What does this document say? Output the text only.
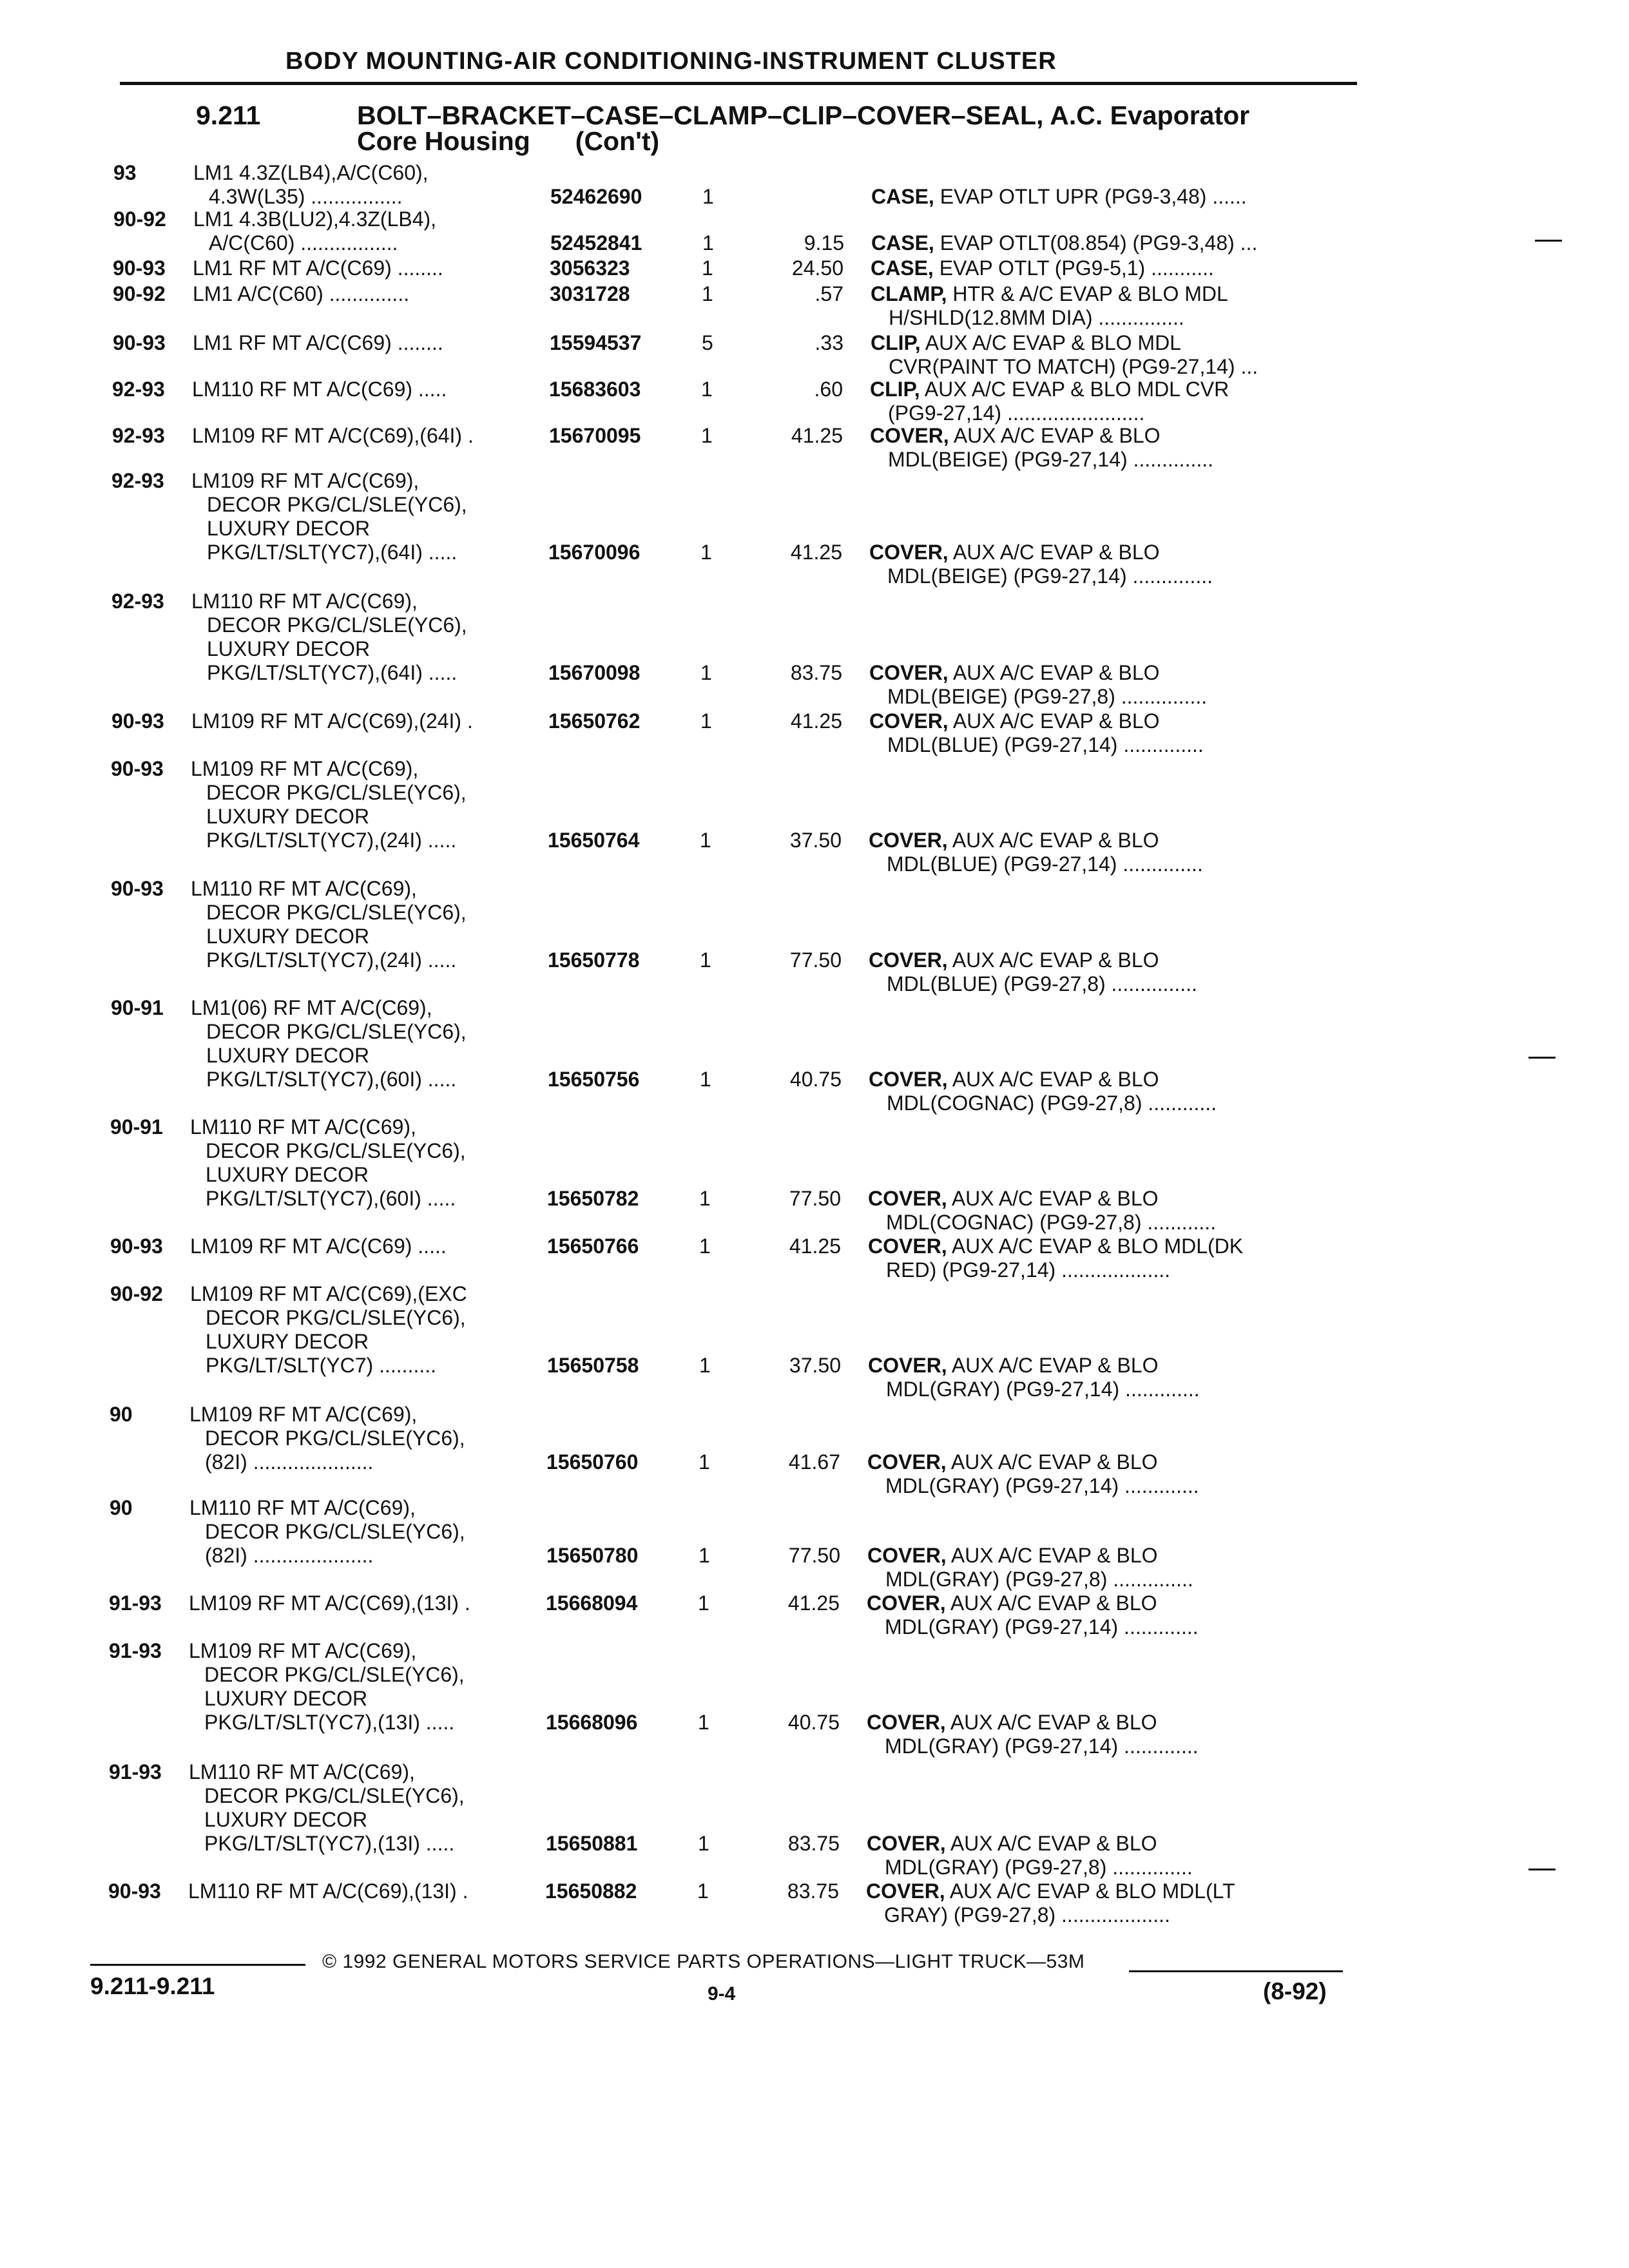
BODY MOUNTING-AIR CONDITIONING-INSTRUMENT CLUSTER
9.211	BOLT–BRACKET–CASE–CLAMP–CLIP–COVER–SEAL, A.C. Evaporator
Core Housing (Con't)
93	LM1 4.3Z(LB4),A/C(C60),
4.3W(L35) ................	52462690	1	CASE, EVAP OTLT UPR (PG9-3,48) ......
90-92 LM1 4.3B(LU2),4.3Z(LB4),
A/C(C60) .................	52452841	1	9.15 CASE, EVAP OTLT(08.854) (PG9-3,48) ...
90-93 LM1 RF MT A/C(C69) ........	3056323	1	24.50 CASE, EVAP OTLT (PG9-5,1) ...........
90-92 LM1 A/C(C60) ..............	3031728	1	.57 CLAMP, HTR & A/C EVAP & BLO MDL
H/SHLD(12.8MM DIA) ...............
90-93 LM1 RF MT A/C(C69) ........	15594537	5	.33 CLIP, AUX A/C EVAP & BLO MDL
CVR(PAINT TO MATCH) (PG9-27,14) ...
92-93 LM110 RF MT A/C(C69) .....	15683603	1	.60 CLIP, AUX A/C EVAP & BLO MDL CVR
(PG9-27,14) ........................
92-93 LM109 RF MT A/C(C69),(64I) .	15670095	1	41.25 COVER, AUX A/C EVAP & BLO
MDL(BEIGE) (PG9-27,14) ..............
92-93 LM109 RF MT A/C(C69),
DECOR PKG/CL/SLE(YC6),
LUXURY DECOR
PKG/LT/SLT(YC7),(64I) .....	15670096	1	41.25 COVER, AUX A/C EVAP & BLO
MDL(BEIGE) (PG9-27,14) ..............
92-93 LM110 RF MT A/C(C69),
DECOR PKG/CL/SLE(YC6),
LUXURY DECOR
PKG/LT/SLT(YC7),(64I) .....	15670098	1	83.75 COVER, AUX A/C EVAP & BLO
MDL(BEIGE) (PG9-27,8) ...............
90-93 LM109 RF MT A/C(C69),(24I) .	15650762	1	41.25 COVER, AUX A/C EVAP & BLO
MDL(BLUE) (PG9-27,14) ..............
90-93 LM109 RF MT A/C(C69),
DECOR PKG/CL/SLE(YC6),
LUXURY DECOR
PKG/LT/SLT(YC7),(24I) .....	15650764	1	37.50 COVER, AUX A/C EVAP & BLO
MDL(BLUE) (PG9-27,14) ..............
90-93 LM110 RF MT A/C(C69),
DECOR PKG/CL/SLE(YC6),
LUXURY DECOR
PKG/LT/SLT(YC7),(24I) .....	15650778	1	77.50 COVER, AUX A/C EVAP & BLO
MDL(BLUE) (PG9-27,8) ...............
90-91 LM1(06) RF MT A/C(C69),
DECOR PKG/CL/SLE(YC6),
LUXURY DECOR
PKG/LT/SLT(YC7),(60I) .....	15650756	1	40.75 COVER, AUX A/C EVAP & BLO
MDL(COGNAC) (PG9-27,8) ............
90-91 LM110 RF MT A/C(C69),
DECOR PKG/CL/SLE(YC6),
LUXURY DECOR
PKG/LT/SLT(YC7),(60I) .....	15650782	1	77.50 COVER, AUX A/C EVAP & BLO
MDL(COGNAC) (PG9-27,8) ............
90-93 LM109 RF MT A/C(C69) .....	15650766	1	41.25 COVER, AUX A/C EVAP & BLO MDL(DK
RED) (PG9-27,14) ...................
90-92 LM109 RF MT A/C(C69),(EXC
DECOR PKG/CL/SLE(YC6),
LUXURY DECOR
PKG/LT/SLT(YC7) ..........	15650758	1	37.50 COVER, AUX A/C EVAP & BLO
MDL(GRAY) (PG9-27,14) .............
90	LM109 RF MT A/C(C69),
DECOR PKG/CL/SLE(YC6),
(82I) .....................	15650760	1	41.67 COVER, AUX A/C EVAP & BLO
MDL(GRAY) (PG9-27,14) .............
90	LM110 RF MT A/C(C69),
DECOR PKG/CL/SLE(YC6),
(82I) .....................	15650780	1	77.50 COVER, AUX A/C EVAP & BLO
MDL(GRAY) (PG9-27,8) ..............
91-93 LM109 RF MT A/C(C69),(13I) .	15668094	1	41.25 COVER, AUX A/C EVAP & BLO
MDL(GRAY) (PG9-27,14) .............
91-93 LM109 RF MT A/C(C69),
DECOR PKG/CL/SLE(YC6),
LUXURY DECOR
PKG/LT/SLT(YC7),(13I) .....	15668096	1	40.75 COVER, AUX A/C EVAP & BLO
MDL(GRAY) (PG9-27,14) .............
91-93 LM110 RF MT A/C(C69),
DECOR PKG/CL/SLE(YC6),
LUXURY DECOR
PKG/LT/SLT(YC7),(13I) .....	15650881	1	83.75 COVER, AUX A/C EVAP & BLO
MDL(GRAY) (PG9-27,8) ..............
90-93 LM110 RF MT A/C(C69),(13I) .	15650882	1	83.75 COVER, AUX A/C EVAP & BLO MDL(LT
GRAY) (PG9-27,8) ...................
© 1992 GENERAL MOTORS SERVICE PARTS OPERATIONS—LIGHT TRUCK—53M
9.211-9.211	9-4	(8-92)
